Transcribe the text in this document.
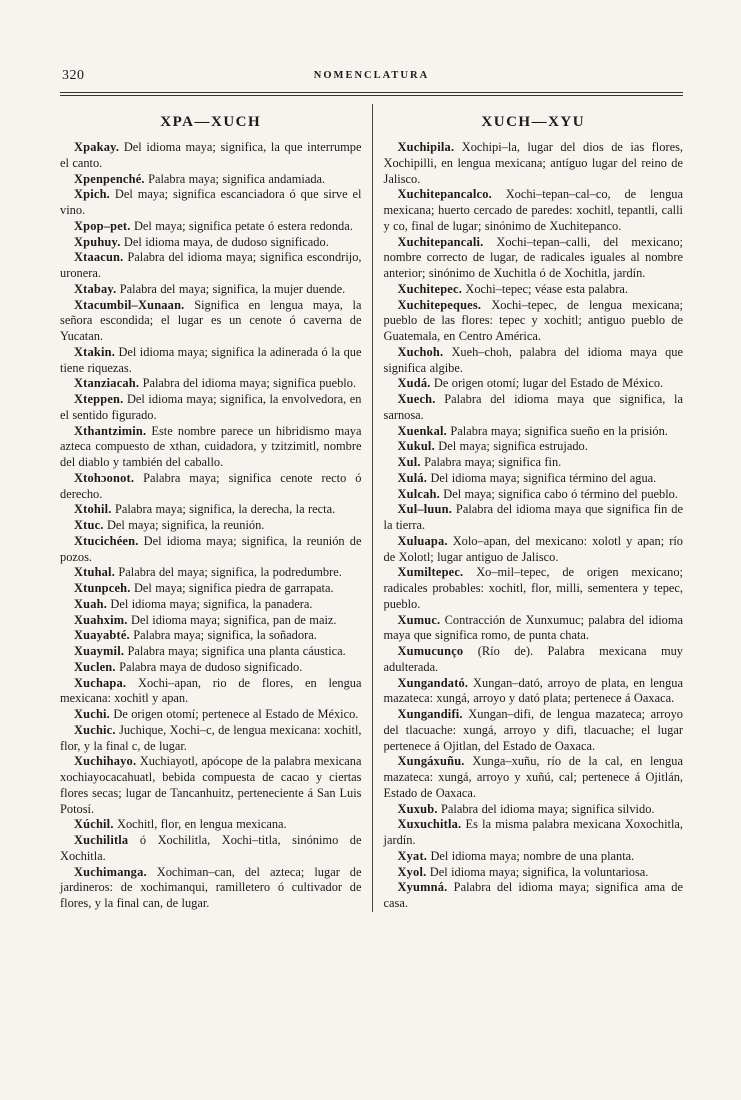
320	NOMENCLATURA
XPA—XUCH

Xpakay. Del idioma maya; significa, la que interrumpe el canto.

Xpenpenché. Palabra maya; significa andamiada.

Xpich. Del maya; significa escanciadora ó que sirve el vino.

Xpop–pet. Del maya; significa petate ó estera redonda.

Xpuhuy. Del idioma maya, de dudoso significado.

Xtaacun. Palabra del idioma maya; significa escondrijo, uronera.

Xtabay. Palabra del maya; significa, la mujer duende.

Xtacumbil–Xunaan. Significa en lengua maya, la señora escondida; el lugar es un cenote ó caverna de Yucatan.

Xtakin. Del idioma maya; significa la adinerada ó la que tiene riquezas.

Xtanziacah. Palabra del idioma maya; significa pueblo.

Xteppen. Del idioma maya; significa, la envolvedora, en el sentido figurado.

Xthantzimin. Este nombre parece un hibridismo maya azteca compuesto de xthan, cuidadora, y tzitzimitl, nombre del diablo y también del caballo.

Xtohɔonot. Palabra maya; significa cenote recto ó derecho.

Xtohil. Palabra maya; significa, la derecha, la recta.

Xtuc. Del maya; significa, la reunión.

Xtucichéen. Del idioma maya; significa, la reunión de pozos.

Xtuhal. Palabra del maya; significa, la podredumbre.

Xtunpceh. Del maya; significa piedra de garrapata.

Xuah. Del idioma maya; significa, la panadera.

Xuahxim. Del idioma maya; significa, pan de maiz.

Xuayabté. Palabra maya; significa, la soñadora.

Xuaymil. Palabra maya; significa una planta cáustica.

Xuclen. Palabra maya de dudoso significado.

Xuchapa. Xochi–apan, rio de flores, en lengua mexicana: xochitl y apan.

Xuchi. De origen otomí; pertenece al Estado de México.

Xuchic. Juchique, Xochi–c, de lengua mexicana: xochitl, flor, y la final c, de lugar.

Xuchihayo. Xuchiayotl, apócope de la palabra mexicana xochiayocacahuatl, bebida compuesta de cacao y ciertas flores secas; lugar de Tancanhuitz, perteneciente á San Luis Potosí.

Xúchil. Xochitl, flor, en lengua mexicana.

Xuchilitla ó Xochilitla, Xochi–titla, sinónimo de Xochitla.

Xuchimanga. Xochiman–can, del azteca; lugar de jardineros: de xochimanqui, ramilletero ó cultivador de flores, y la final can, de lugar.

XUCH—XYU

Xuchipila. Xochipi–la, lugar del dios de ias flores, Xochipilli, en lengua mexicana; antíguo lugar del reino de Jalisco.

Xuchitepancalco. Xochi–tepan–cal–co, de lengua mexicana; huerto cercado de paredes: xochitl, tepantli, calli y co, final de lugar; sinónimo de Xuchitepanco.

Xuchitepancali. Xochi–tepan–calli, del mexicano; nombre correcto de lugar, de radicales iguales al nombre anterior; sinónimo de Xuchitla ó de Xochitla, jardín.

Xuchitepec. Xochi–tepec; véase esta palabra.

Xuchitepeques. Xochi–tepec, de lengua mexicana; pueblo de las flores: tepec y xochitl; antiguo pueblo de Guatemala, en Centro América.

Xuchoh. Xueh–choh, palabra del idioma maya que significa algibe.

Xudá. De origen otomí; lugar del Estado de México.

Xuech. Palabra del idioma maya que significa, la sarnosa.

Xuenkal. Palabra maya; significa sueño en la prisión.

Xukul. Del maya; significa estrujado.

Xul. Palabra maya; significa fin.

Xulá. Del idioma maya; significa término del agua.

Xulcah. Del maya; significa cabo ó término del pueblo.

Xul–luun. Palabra del idioma maya que significa fin de la tierra.

Xuluapa. Xolo–apan, del mexicano: xolotl y apan; río de Xolotl; lugar antiguo de Jalisco.

Xumiltepec. Xo–mil–tepec, de origen mexicano; radicales probables: xochitl, flor, milli, sementera y tepec, pueblo.

Xumuc. Contracción de Xunxumuc; palabra del idioma maya que significa romo, de punta chata.

Xumucunço (Río de). Palabra mexicana muy adulterada.

Xungandató. Xungan–dató, arroyo de plata, en lengua mazateca: xungá, arroyo y dató plata; pertenece á Oaxaca.

Xungandifi. Xungan–difi, de lengua mazateca; arroyo del tlacuache: xungá, arroyo y difi, tlacuache; el lugar pertenece á Ojitlan, del Estado de Oaxaca.

Xungáxuñu. Xunga–xuñu, río de la cal, en lengua mazateca: xungá, arroyo y xuñú, cal; pertenece á Ojitlán, Estado de Oaxaca.

Xuxub. Palabra del idioma maya; significa silvido.

Xuxuchitla. Es la misma palabra mexicana Xoxochitla, jardín.

Xyat. Del idioma maya; nombre de una planta.

Xyol. Del idioma maya; significa, la voluntariosa.

Xyumná. Palabra del idioma maya; significa ama de casa.
